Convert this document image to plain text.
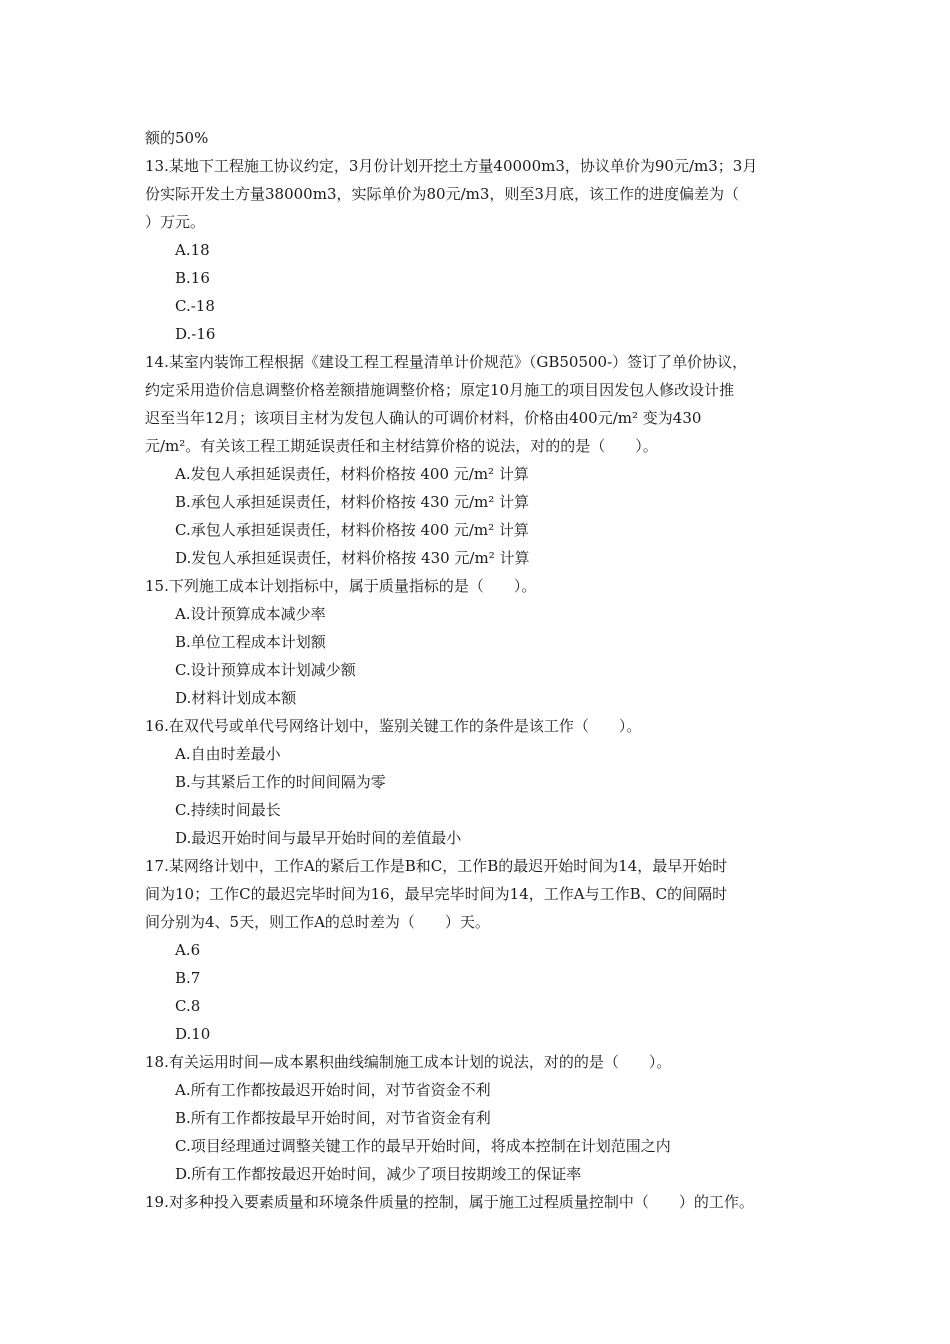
额的50%
13.某地下工程施工协议约定，3月份计划开挖土方量40000m3，协议单价为90元/m3；3月
份实际开发土方量38000m3，实际单价为80元/m3，则至3月底，该工作的进度偏差为（
）万元。
A.18
B.16
C.-18
D.-16
14.某室内装饰工程根据《建设工程工程量清单计价规范》（GB50500-）签订了单价协议，
约定采用造价信息调整价格差额措施调整价格；原定10月施工的项目因发包人修改设计推
迟至当年12月；该项目主材为发包人确认的可调价材料，价格由400元/m² 变为430
元/m²。有关该工程工期延误责任和主材结算价格的说法，对的的是（　　）。
A.发包人承担延误责任，材料价格按 400 元/m² 计算
B.承包人承担延误责任，材料价格按 430 元/m² 计算
C.承包人承担延误责任，材料价格按 400 元/m² 计算
D.发包人承担延误责任，材料价格按 430 元/m² 计算
15.下列施工成本计划指标中，属于质量指标的是（　　）。
A.设计预算成本减少率
B.单位工程成本计划额
C.设计预算成本计划减少额
D.材料计划成本额
16.在双代号或单代号网络计划中，鉴别关键工作的条件是该工作（　　）。
A.自由时差最小
B.与其紧后工作的时间间隔为零
C.持续时间最长
D.最迟开始时间与最早开始时间的差值最小
17.某网络计划中，工作A的紧后工作是B和C，工作B的最迟开始时间为14，最早开始时
间为10；工作C的最迟完毕时间为16，最早完毕时间为14，工作A与工作B、C的间隔时
间分别为4、5天，则工作A的总时差为（　　）天。
A.6
B.7
C.8
D.10
18.有关运用时间—成本累积曲线编制施工成本计划的说法，对的的是（　　）。
A.所有工作都按最迟开始时间，对节省资金不利
B.所有工作都按最早开始时间，对节省资金有利
C.项目经理通过调整关键工作的最早开始时间，将成本控制在计划范围之内
D.所有工作都按最迟开始时间，减少了项目按期竣工的保证率
19.对多种投入要素质量和环境条件质量的控制，属于施工过程质量控制中（　　）的工作。
